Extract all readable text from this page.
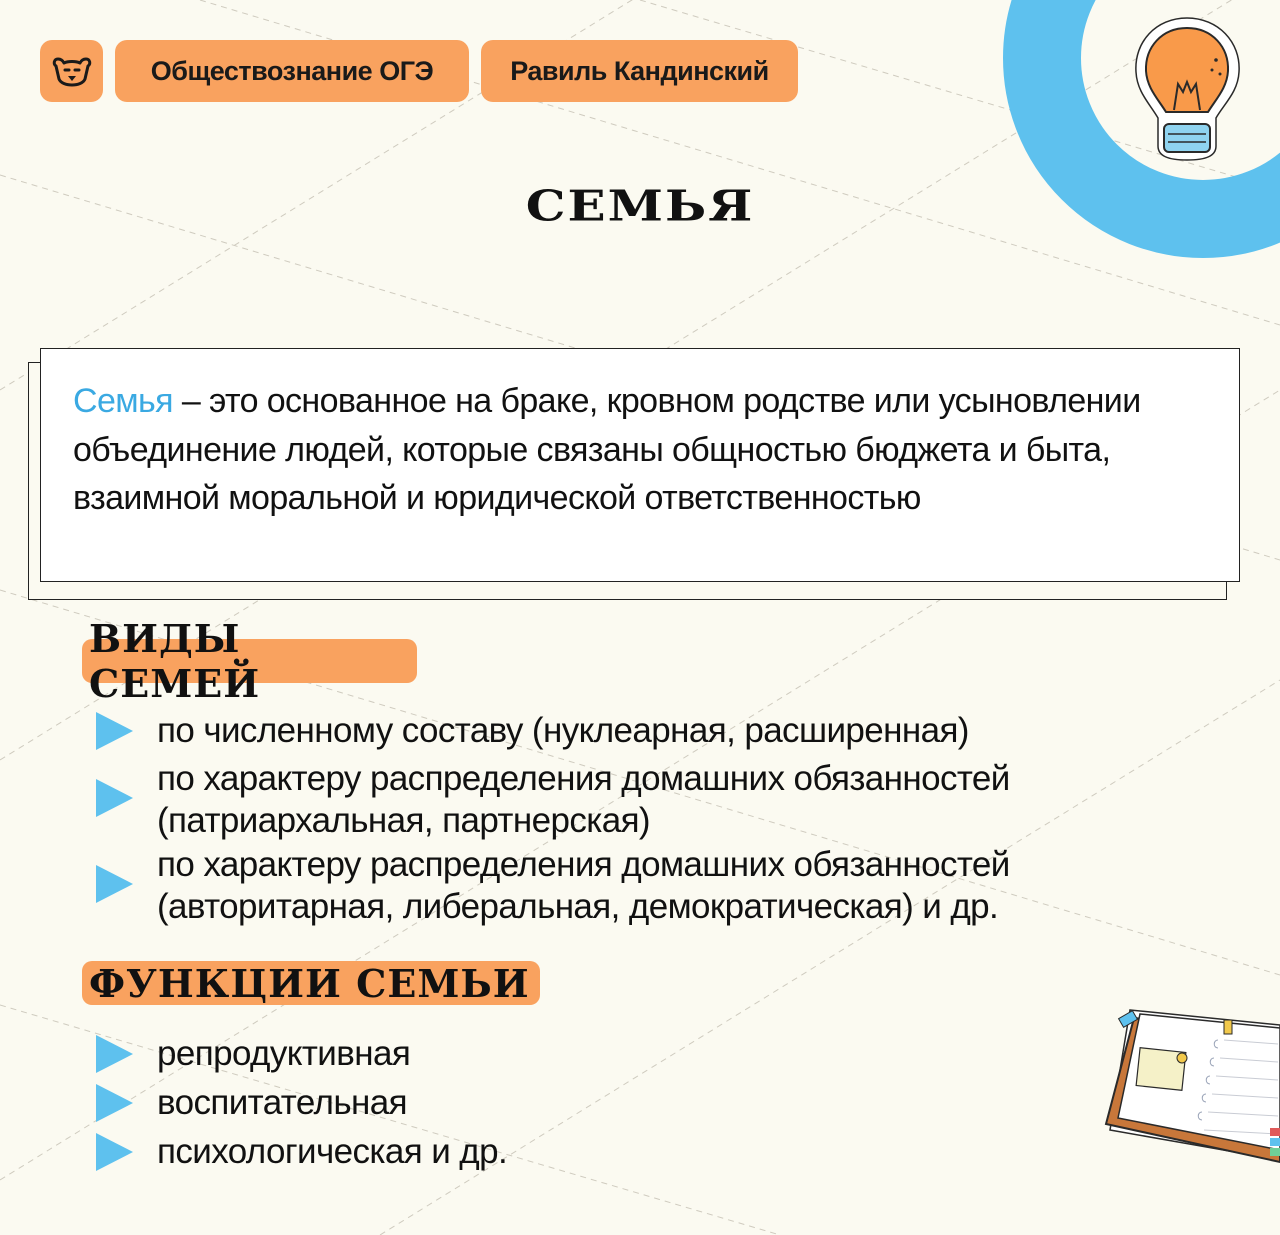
Обществознание ОГЭ	Равиль Кандинский
СЕМЬЯ
Семья – это основанное на браке, кровном родстве или усыновлении объединение людей, которые связаны общностью бюджета и быта, взаимной моральной и юридической ответственностью
ВИДЫ СЕМЕЙ
по численному составу (нуклеарная, расширенная)
по характеру распределения домашних обязанностей
(патриархальная, партнерская)
по характеру распределения домашних обязанностей
(авторитарная, либеральная, демократическая) и др.
ФУНКЦИИ СЕМЬИ
репродуктивная
воспитательная
психологическая и др.
